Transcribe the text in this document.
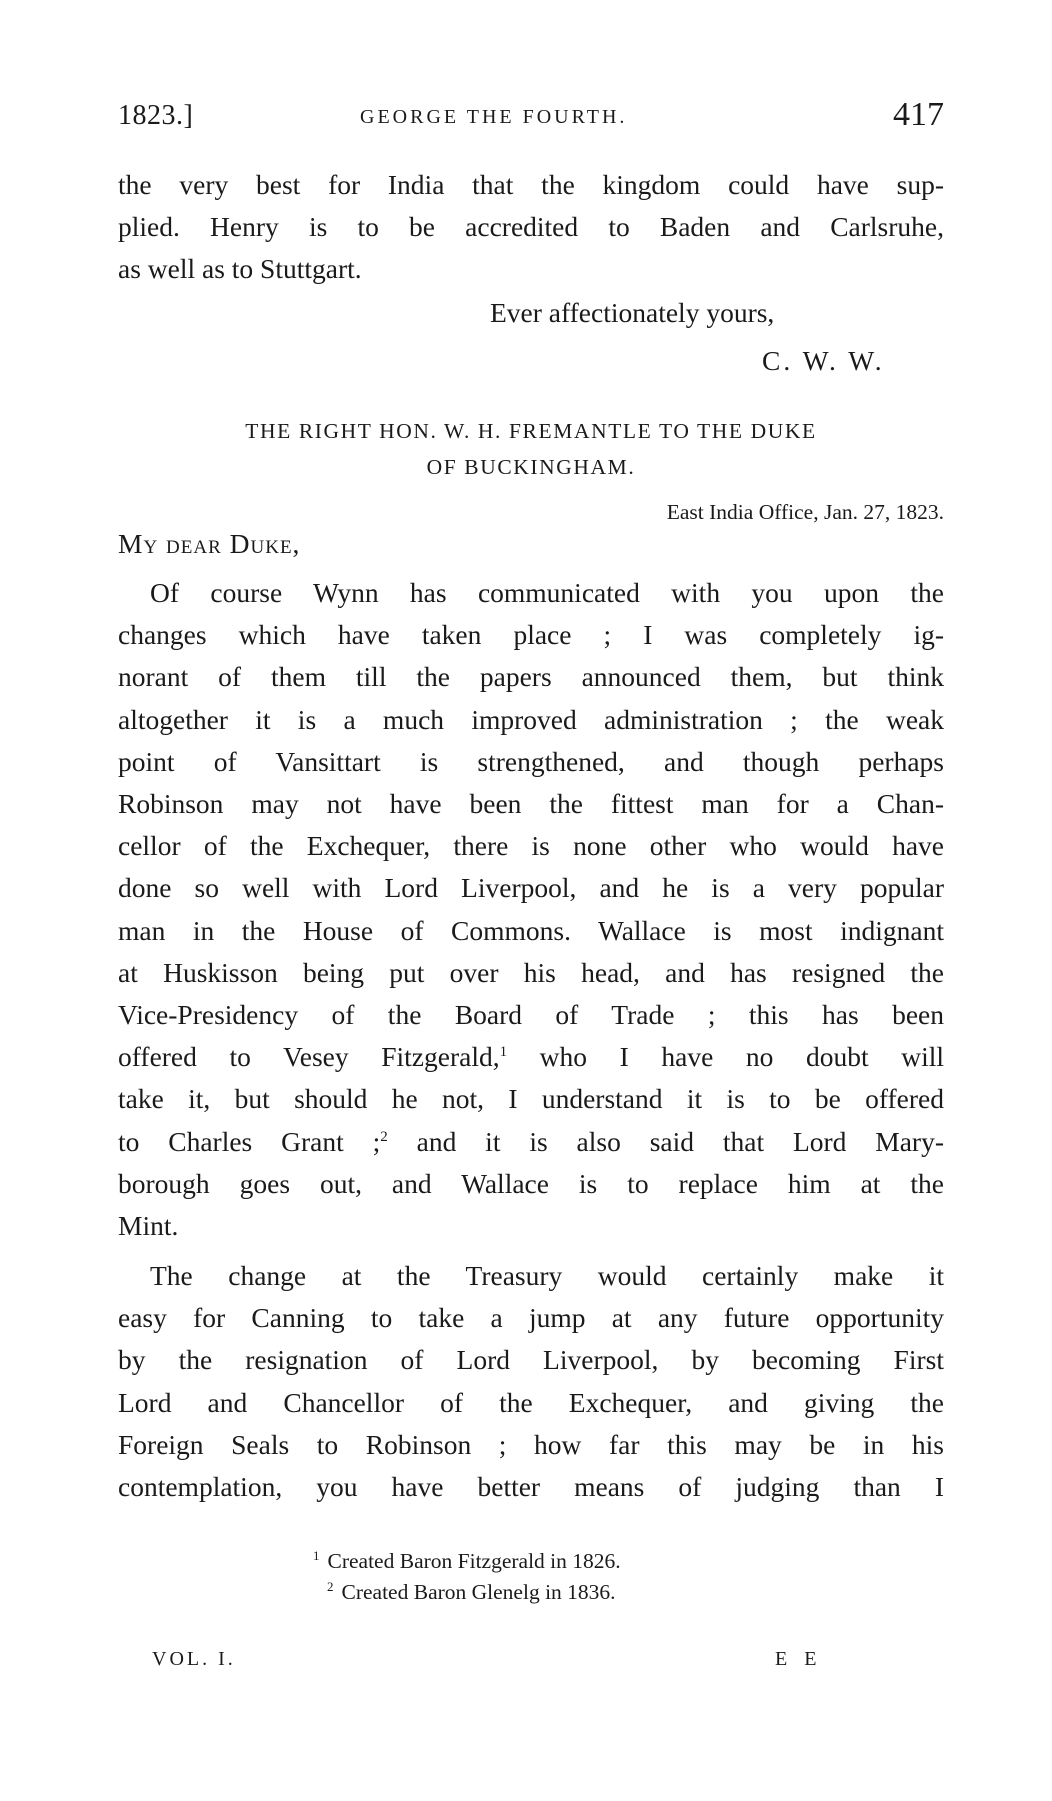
1823.]	GEORGE THE FOURTH.	417
the very best for India that the kingdom could have sup-
plied. Henry is to be accredited to Baden and Carlsruhe,
as well as to Stuttgart.
Ever affectionately yours,
C. W. W.
THE RIGHT HON. W. H. FREMANTLE TO THE DUKE
OF BUCKINGHAM.
East India Office, Jan. 27, 1823.
My dear Duke,
Of course Wynn has communicated with you upon the
changes which have taken place ; I was completely ig-
norant of them till the papers announced them, but think
altogether it is a much improved administration ; the weak
point of Vansittart is strengthened, and though perhaps
Robinson may not have been the fittest man for a Chan-
cellor of the Exchequer, there is none other who would have
done so well with Lord Liverpool, and he is a very popular
man in the House of Commons. Wallace is most indignant
at Huskisson being put over his head, and has resigned the
Vice-Presidency of the Board of Trade ; this has been
offered to Vesey Fitzgerald,$^1$ who I have no doubt will
take it, but should he not, I understand it is to be offered
to Charles Grant ;$^2$ and it is also said that Lord Mary-
borough goes out, and Wallace is to replace him at the
Mint.
The change at the Treasury would certainly make it
easy for Canning to take a jump at any future opportunity
by the resignation of Lord Liverpool, by becoming First
Lord and Chancellor of the Exchequer, and giving the
Foreign Seals to Robinson ; how far this may be in his
contemplation, you have better means of judging than I
$^1$ Created Baron Fitzgerald in 1826.
$^2$ Created Baron Glenelg in 1836.
VOL. I.	E E
